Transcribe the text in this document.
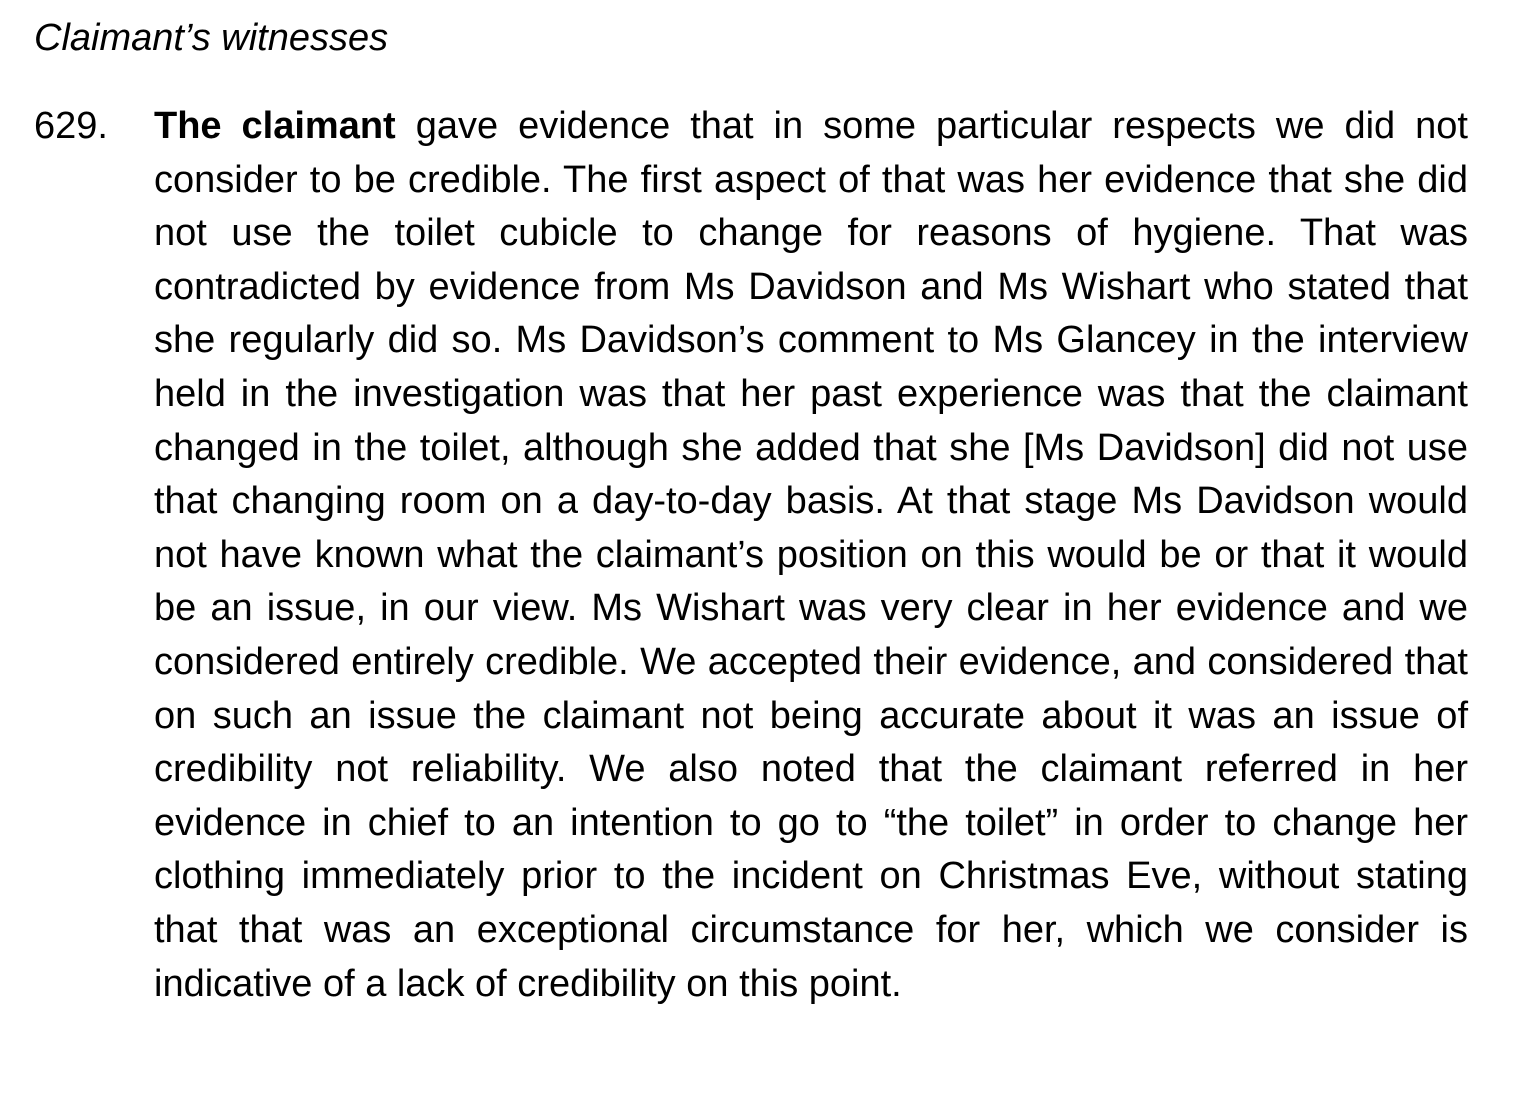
Claimant’s witnesses
629. The claimant gave evidence that in some particular respects we did not consider to be credible. The first aspect of that was her evidence that she did not use the toilet cubicle to change for reasons of hygiene. That was contradicted by evidence from Ms Davidson and Ms Wishart who stated that she regularly did so. Ms Davidson’s comment to Ms Glancey in the interview held in the investigation was that her past experience was that the claimant changed in the toilet, although she added that she [Ms Davidson] did not use that changing room on a day-to-day basis. At that stage Ms Davidson would not have known what the claimant’s position on this would be or that it would be an issue, in our view. Ms Wishart was very clear in her evidence and we considered entirely credible. We accepted their evidence, and considered that on such an issue the claimant not being accurate about it was an issue of credibility not reliability. We also noted that the claimant referred in her evidence in chief to an intention to go to “the toilet” in order to change her clothing immediately prior to the incident on Christmas Eve, without stating that that was an exceptional circumstance for her, which we consider is indicative of a lack of credibility on this point.
